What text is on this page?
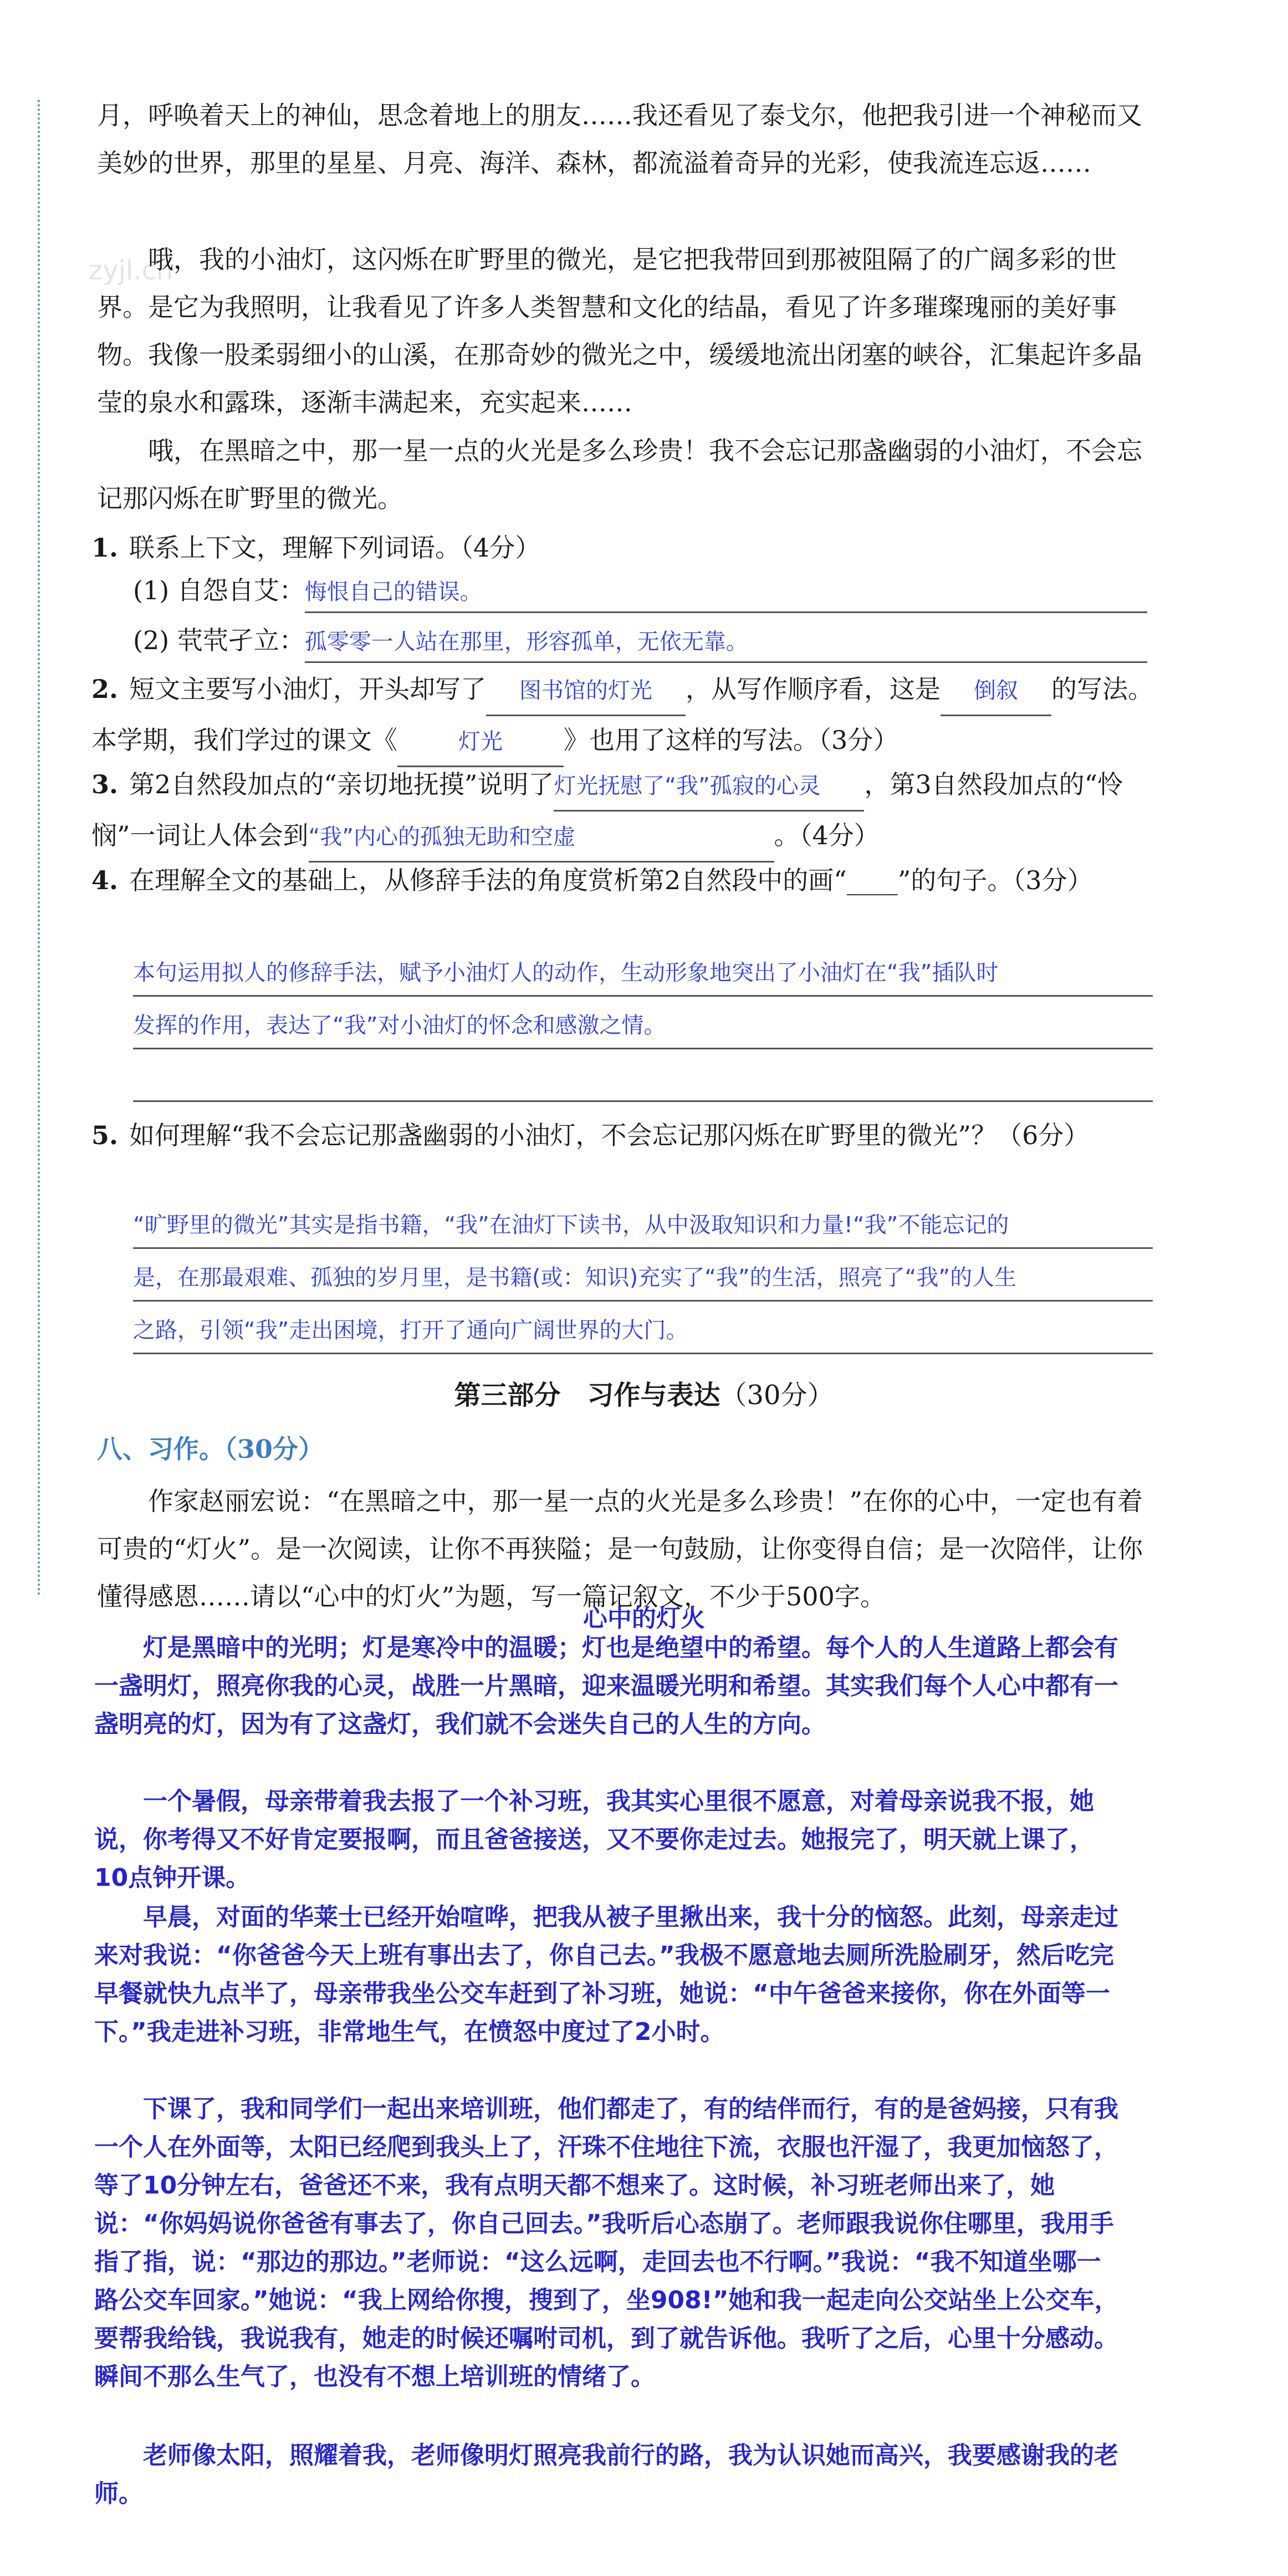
zyjl.cn

月，呼唤着天上的神仙，思念着地上的朋友……我还看见了泰戈尔，他把我引进一个神秘而又美妙的世界，那里的星星、月亮、海洋、森林，都流溢着奇异的光彩，使我流连忘返……

哦，我的小油灯，这闪烁在旷野里的微光，是它把我带回到那被阻隔了的广阔多彩的世界。是它为我照明，让我看见了许多人类智慧和文化的结晶，看见了许多璀璨瑰丽的美好事物。我像一股柔弱细小的山溪，在那奇妙的微光之中，缓缓地流出闭塞的峡谷，汇集起许多晶莹的泉水和露珠，逐渐丰满起来，充实起来……

哦，在黑暗之中，那一星一点的火光是多么珍贵！我不会忘记那盏幽弱的小油灯，不会忘记那闪烁在旷野里的微光。

1. 联系上下文，理解下列词语。（4分）
(1) 自怨自艾：悔恨自己的错误。
(2) 茕茕孑立：孤零零一人站在那里，形容孤单，无依无靠。
2. 短文主要写小油灯，开头却写了 图书馆的灯光 ，从写作顺序看，这是 倒叙 的写法。本学期，我们学过的课文《	灯光 》也用了这样的写法。（3分）
3. 第2自然段加点的“亲切地抚摸”说明了灯光抚慰了“我”孤寂的心灵 ，第3自然段加点的“怜悯”一词让人体会到“我”内心的孤独无助和空虚	。（4分）
4. 在理解全文的基础上，从修辞手法的角度赏析第2自然段中的画“____”的句子。（3分）
本句运用拟人的修辞手法，赋予小油灯人的动作，生动形象地突出了小油灯在“我”插队时
发挥的作用，表达了“我”对小油灯的怀念和感激之情。
5. 如何理解“我不会忘记那盏幽弱的小油灯，不会忘记那闪烁在旷野里的微光”？（6分）
“旷野里的微光”其实是指书籍，“我”在油灯下读书，从中汲取知识和力量!“我”不能忘记的
是，在那最艰难、孤独的岁月里，是书籍(或：知识)充实了“我”的生活，照亮了“我”的人生
之路，引领“我”走出困境，打开了通向广阔世界的大门。
第三部分　习作与表达（30分）
八、习作。（30分）

作家赵丽宏说：“在黑暗之中，那一星一点的火光是多么珍贵！”在你的心中，一定也有着可贵的“灯火”。是一次阅读，让你不再狭隘；是一句鼓励，让你变得自信；是一次陪伴，让你懂得感恩……请以“心中的灯火”为题，写一篇记叙文，不少于500字。

心中的灯火

灯是黑暗中的光明；灯是寒冷中的温暖；灯也是绝望中的希望。每个人的人生道路上都会有一盏明灯，照亮你我的心灵，战胜一片黑暗，迎来温暖光明和希望。其实我们每个人心中都有一盏明亮的灯，因为有了这盏灯，我们就不会迷失自己的人生的方向。

一个暑假，母亲带着我去报了一个补习班，我其实心里很不愿意，对着母亲说我不报，她说，你考得又不好肯定要报啊，而且爸爸接送，又不要你走过去。她报完了，明天就上课了，10点钟开课。

早晨，对面的华莱士已经开始喧哗，把我从被子里揪出来，我十分的恼怒。此刻，母亲走过来对我说：“你爸爸今天上班有事出去了，你自己去。”我极不愿意地去厕所洗脸刷牙，然后吃完早餐就快九点半了，母亲带我坐公交车赶到了补习班，她说：“中午爸爸来接你，你在外面等一下。”我走进补习班，非常地生气，在愤怒中度过了2小时。

下课了，我和同学们一起出来培训班，他们都走了，有的结伴而行，有的是爸妈接，只有我一个人在外面等，太阳已经爬到我头上了，汗珠不住地往下流，衣服也汗湿了，我更加恼怒了，等了10分钟左右，爸爸还不来，我有点明天都不想来了。这时候，补习班老师出来了，她说：“你妈妈说你爸爸有事去了，你自己回去。”我听后心态崩了。老师跟我说你住哪里，我用手指了指，说：“那边的那边。”老师说：“这么远啊，走回去也不行啊。”我说：“我不知道坐哪一路公交车回家。”她说：“我上网给你搜，搜到了，坐908!”她和我一起走向公交站坐上公交车，要帮我给钱，我说我有，她走的时候还嘱咐司机，到了就告诉他。我听了之后，心里十分感动。瞬间不那么生气了，也没有不想上培训班的情绪了。

老师像太阳，照耀着我，老师像明灯照亮我前行的路，我为认识她而高兴，我要感谢我的老师。
